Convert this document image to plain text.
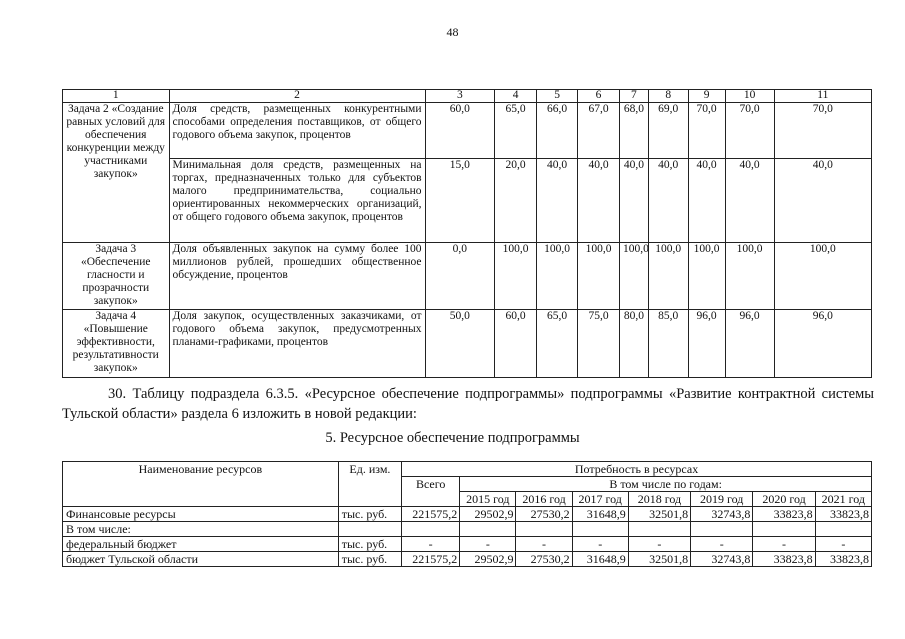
48
1	2	3	4	5	6	7	8	9	10	11
Задача 2 «Создание равных условий для обеспечения конкуренции между участниками закупок»	Доля средств, размещенных конкурентными способами определения поставщиков, от общего годового объема закупок, процентов	60,0	65,0	66,0	67,0	68,0	69,0	70,0	70,0	70,0
	Минимальная доля средств, размещенных на торгах, предназначенных только для субъектов малого предпринимательства, социально ориентированных некоммерческих организаций, от общего годового объема закупок, процентов	15,0	20,0	40,0	40,0	40,0	40,0	40,0	40,0	40,0
Задача 3 «Обеспечение гласности и прозрачности закупок»	Доля объявленных закупок на сумму более 100 миллионов рублей, прошедших общественное обсуждение, процентов	0,0	100,0	100,0	100,0	100,0	100,0	100,0	100,0	100,0
Задача 4 «Повышение эффективности, результативности закупок»	Доля закупок, осуществленных заказчиками, от годового объема закупок, предусмотренных планами-графиками, процентов	50,0	60,0	65,0	75,0	80,0	85,0	96,0	96,0	96,0
30. Таблицу подраздела 6.3.5. «Ресурсное обеспечение подпрограммы» подпрограммы «Развитие контрактной системы Тульской области» раздела 6 изложить в новой редакции:
5. Ресурсное обеспечение подпрограммы
Наименование ресурсов	Ед. изм.	Потребность в ресурсах							
		Всего	В том числе по годам:						
			2015 год	2016 год	2017 год	2018 год	2019 год	2020 год	2021 год
Финансовые ресурсы	тыс. руб.	221575,2	29502,9	27530,2	31648,9	32501,8	32743,8	33823,8	33823,8
В том числе:									
федеральный бюджет	тыс. руб.	-	-	-	-	-	-	-	-
бюджет Тульской области	тыс. руб.	221575,2	29502,9	27530,2	31648,9	32501,8	32743,8	33823,8	33823,8
